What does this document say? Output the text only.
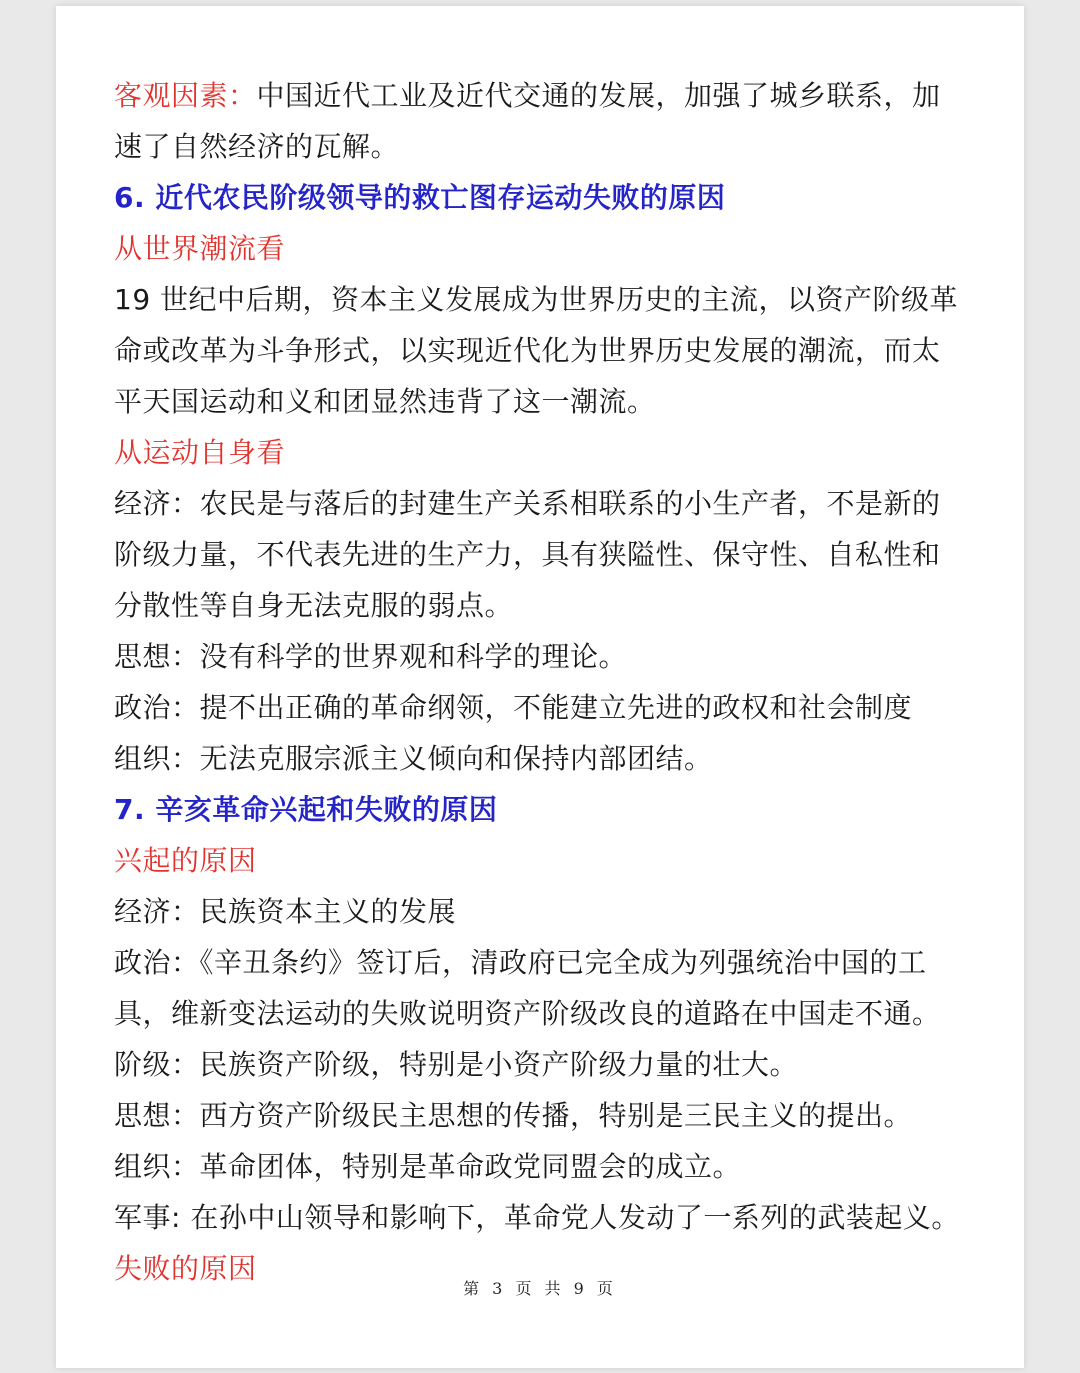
客观因素：中国近代工业及近代交通的发展，加强了城乡联系，加
速了自然经济的瓦解。
6. 近代农民阶级领导的救亡图存运动失败的原因
从世界潮流看
19 世纪中后期，资本主义发展成为世界历史的主流，以资产阶级革
命或改革为斗争形式，以实现近代化为世界历史发展的潮流，而太
平天国运动和义和团显然违背了这一潮流。
从运动自身看
经济：农民是与落后的封建生产关系相联系的小生产者，不是新的
阶级力量，不代表先进的生产力，具有狭隘性、保守性、自私性和
分散性等自身无法克服的弱点。
思想：没有科学的世界观和科学的理论。
政治：提不出正确的革命纲领，不能建立先进的政权和社会制度
组织：无法克服宗派主义倾向和保持内部团结。
7. 辛亥革命兴起和失败的原因
兴起的原因
经济：民族资本主义的发展
政治：《辛丑条约》签订后，清政府已完全成为列强统治中国的工
具，维新变法运动的失败说明资产阶级改良的道路在中国走不通。
阶级：民族资产阶级，特别是小资产阶级力量的壮大。
思想：西方资产阶级民主思想的传播，特别是三民主义的提出。
组织：革命团体，特别是革命政党同盟会的成立。
军事: 在孙中山领导和影响下，革命党人发动了一系列的武装起义。
失败的原因
第 3 页 共 9 页
